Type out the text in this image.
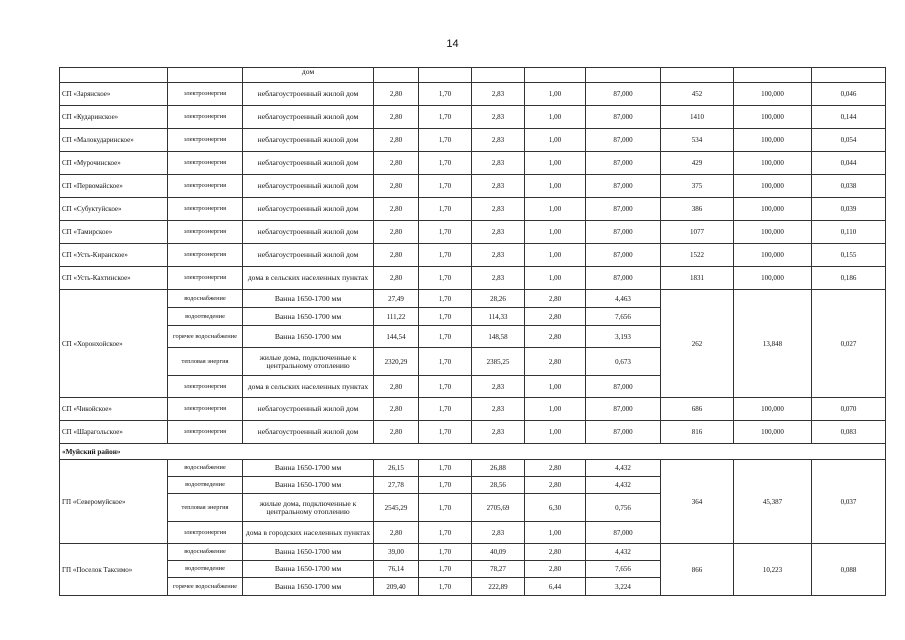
14
		дом								
СП «Зарянское»	электроэнергия	неблагоустроенный жилой дом	2,80	1,70	2,83	1,00	87,000	452	100,000	0,046
СП «Кударинское»	электроэнергия	неблагоустроенный жилой дом	2,80	1,70	2,83	1,00	87,000	1410	100,000	0,144
СП «Малокударинское»	электроэнергия	неблагоустроенный жилой дом	2,80	1,70	2,83	1,00	87,000	534	100,000	0,054
СП «Мурочинское»	электроэнергия	неблагоустроенный жилой дом	2,80	1,70	2,83	1,00	87,000	429	100,000	0,044
СП «Первомайское»	электроэнергия	неблагоустроенный жилой дом	2,80	1,70	2,83	1,00	87,000	375	100,000	0,038
СП «Субуктуйское»	электроэнергия	неблагоустроенный жилой дом	2,80	1,70	2,83	1,00	87,000	386	100,000	0,039
СП «Тамирское»	электроэнергия	неблагоустроенный жилой дом	2,80	1,70	2,83	1,00	87,000	1077	100,000	0,110
СП «Усть-Киранское»	электроэнергия	неблагоустроенный жилой дом	2,80	1,70	2,83	1,00	87,000	1522	100,000	0,155
СП «Усть-Кахтинское»	электроэнергия	дома в сельских населенных пунктах	2,80	1,70	2,83	1,00	87,000	1831	100,000	0,186
СП «Хоронхойское»	водоснабжение	Ванна 1650-1700 мм	27,49	1,70	28,26	2,80	4,463	262	13,848	0,027
	водоотведение	Ванна 1650-1700 мм	111,22	1,70	114,33	2,80	7,656			
	горячее водоснабжение	Ванна 1650-1700 мм	144,54	1,70	148,58	2,80	3,193			
	тепловая энергия	жилые дома, подключенные к центральному отоплению	2320,29	1,70	2385,25	2,80	0,673			
	электроэнергия	дома в сельских населенных пунктах	2,80	1,70	2,83	1,00	87,000			
СП «Чикойское»	электроэнергия	неблагоустроенный жилой дом	2,80	1,70	2,83	1,00	87,000	686	100,000	0,070
СП «Шарагольское»	электроэнергия	неблагоустроенный жилой дом	2,80	1,70	2,83	1,00	87,000	816	100,000	0,083
«Муйский район»										
ГП «Северомуйское»	водоснабжение	Ванна 1650-1700 мм	26,15	1,70	26,88	2,80	4,432	364	45,387	0,037
	водоотведение	Ванна 1650-1700 мм	27,78	1,70	28,56	2,80	4,432			
	тепловая энергия	жилые дома, подключенные к центральному отоплению	2545,29	1,70	2705,69	6,30	0,756			
	электроэнергия	дома в городских населенных пунктах	2,80	1,70	2,83	1,00	87,000			
ГП «Поселок Таксимо»	водоснабжение	Ванна 1650-1700 мм	39,00	1,70	40,09	2,80	4,432	866	10,223	0,088
	водоотведение	Ванна 1650-1700 мм	76,14	1,70	78,27	2,80	7,656			
	горячее водоснабжение	Ванна 1650-1700 мм	209,40	1,70	222,89	6,44	3,224			
